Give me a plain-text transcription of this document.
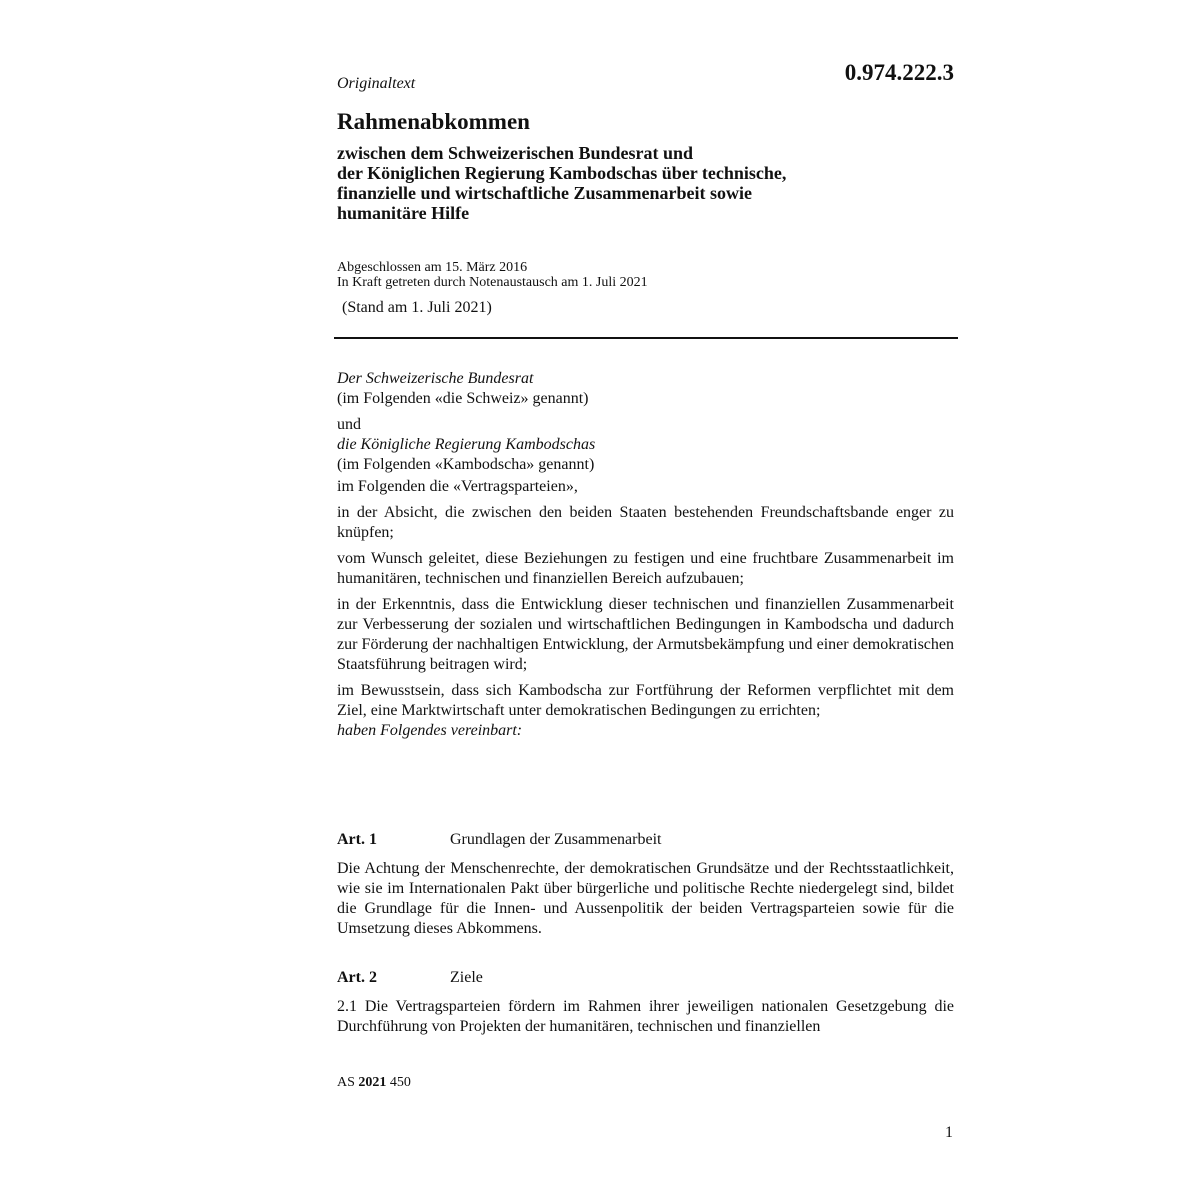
Originaltext	0.974.222.3
Rahmenabkommen
zwischen dem Schweizerischen Bundesrat und
der Königlichen Regierung Kambodschas über technische,
finanzielle und wirtschaftliche Zusammenarbeit sowie
humanitäre Hilfe
Abgeschlossen am 15. März 2016
In Kraft getreten durch Notenaustausch am 1. Juli 2021
(Stand am 1. Juli 2021)

Der Schweizerische Bundesrat
(im Folgenden «die Schweiz» genannt)

und
die Königliche Regierung Kambodschas
(im Folgenden «Kambodscha» genannt)

im Folgenden die «Vertragsparteien»,

in der Absicht, die zwischen den beiden Staaten bestehenden Freundschaftsbande enger zu knüpfen;

vom Wunsch geleitet, diese Beziehungen zu festigen und eine fruchtbare Zusammenarbeit im humanitären, technischen und finanziellen Bereich aufzubauen;

in der Erkenntnis, dass die Entwicklung dieser technischen und finanziellen Zusammenarbeit zur Verbesserung der sozialen und wirtschaftlichen Bedingungen in Kambodscha und dadurch zur Förderung der nachhaltigen Entwicklung, der Armutsbekämpfung und einer demokratischen Staatsführung beitragen wird;

im Bewusstsein, dass sich Kambodscha zur Fortführung der Reformen verpflichtet mit dem Ziel, eine Marktwirtschaft unter demokratischen Bedingungen zu errichten;

haben Folgendes vereinbart:

Art. 1	Grundlagen der Zusammenarbeit
Die Achtung der Menschenrechte, der demokratischen Grundsätze und der Rechtsstaatlichkeit, wie sie im Internationalen Pakt über bürgerliche und politische Rechte niedergelegt sind, bildet die Grundlage für die Innen- und Aussenpolitik der beiden Vertragsparteien sowie für die Umsetzung dieses Abkommens.
Art. 2	Ziele
2.1 Die Vertragsparteien fördern im Rahmen ihrer jeweiligen nationalen Gesetzgebung die Durchführung von Projekten der humanitären, technischen und finanziellen
AS 2021 450
1
